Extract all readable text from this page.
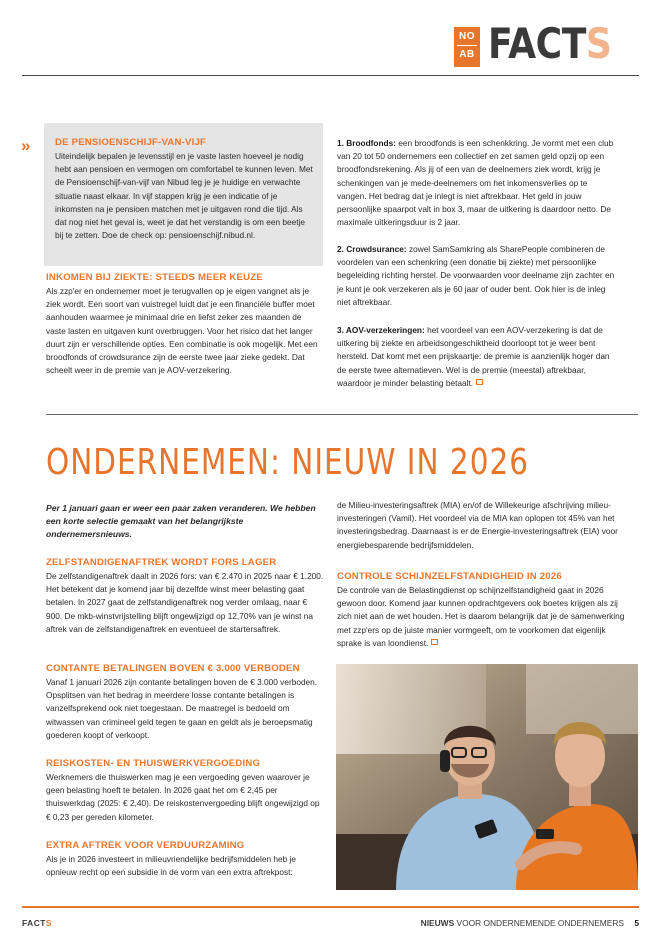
NO
AB FACTS
»	DE PENSIOENSCHIJF-VAN-VIJF
Uiteindelijk bepalen je levensstijl en je vaste lasten hoeveel je nodig hebt aan pensioen en vermogen om comfortabel te kunnen leven. Met de Pensioenschijf-van-vijf van Nibud leg je je huidige en verwachte situatie naast elkaar. In vijf stappen krijg je een indicatie of je inkomsten na je pensioen matchen met je uitgaven rond die tijd. Als dat nog niet het geval is, weet je dat het verstandig is om een beetje bij te zetten. Doe de check op: pensioenschijf.nibud.nl.
INKOMEN BIJ ZIEKTE: STEEDS MEER KEUZE
Als zzp'er en ondernemer moet je terugvallen op je eigen vangnet als je ziek wordt. Een soort van vuistregel luidt dat je een financiële buffer moet aanhouden waarmee je minimaal drie en liefst zeker zes maanden de vaste lasten en uitgaven kunt overbruggen. Voor het risico dat het langer duurt zijn er verschillende opties. Een combinatie is ook mogelijk. Met een broodfonds of crowdsurance zijn de eerste twee jaar zieke gedekt. Dat scheelt weer in de premie van je AOV-verzekering.
1. Broodfonds: een broodfonds is een schenkkring. Je vormt met een club van 20 tot 50 ondernemers een collectief en zet samen geld opzij op een broodfondsrekening. Als jij of een van de deelnemers ziek wordt, krijg je schenkingen van je mede-deelnemers om het inkomensverlies op te vangen. Het bedrag dat je inlegt is niet aftrekbaar. Het geld in jouw persoonlijke spaarpot valt in box 3, maar de uitkering is daardoor netto. De maximale uitkeringsduur is 2 jaar.
2. Crowdsurance: zowel SamSamkring als SharePeople combineren de voordelen van een schenkring (een donatie bij ziekte) met persoonlijke begeleiding richting herstel. De voorwaarden voor deelname zijn zachter en je kunt je ook verzekeren als je 60 jaar of ouder bent. Ook hier is de inleg niet aftrekbaar.
3. AOV-verzekeringen: het voordeel van een AOV-verzekering is dat de uitkering bij ziekte en arbeidsongeschiktheid doorloopt tot je weer bent hersteld. Dat komt met een prijskaartje: de premie is aanzienlijk hoger dan de eerste twee alternatieven. Wel is de premie (meestal) aftrekbaar, waardoor je minder belasting betaalt.
ONDERNEMEN: NIEUW IN 2026
Per 1 januari gaan er weer een paar zaken veranderen. We hebben een korte selectie gemaakt van het belangrijkste ondernemersnieuws.
ZELFSTANDIGENAFTREK WORDT FORS LAGER
De zelfstandigenaftrek daalt in 2026 fors: van € 2.470 in 2025 naar € 1.200. Het betekent dat je komend jaar bij dezelfde winst meer belasting gaat betalen. In 2027 gaat de zelfstandigenaftrek nog verder omlaag, naar € 900. De mkb-winstvrijstelling blijft ongewijzigd op 12,70% van je winst na aftrek van de zelfstandigenaftrek en eventueel de startersaftrek.
CONTANTE BETALINGEN BOVEN € 3.000 VERBODEN
Vanaf 1 januari 2026 zijn contante betalingen boven de € 3.000 verboden. Opsplitsen van het bedrag in meerdere losse contante betalingen is vanzelfsprekend ook niet toegestaan. De maatregel is bedoeld om witwassen van crimineel geld tegen te gaan en geldt als je beroepsmatig goederen koopt of verkoopt.
REISKOSTEN- EN THUISWERKVERGOEDING
Werknemers die thuiswerken mag je een vergoeding geven waarover je geen belasting hoeft te betalen. In 2026 gaat het om € 2,45 per thuiswerkdag (2025: € 2,40). De reiskostenvergoeding blijft ongewijzigd op € 0,23 per gereden kilometer.
EXTRA AFTREK VOOR VERDUURZAMING
Als je in 2026 investeert in milieuvriendelijke bedrijfsmiddelen heb je opnieuw recht op een subsidie in de vorm van een extra aftrekpost:
de Milieu-investeringsaftrek (MIA) en/of de Willekeurige afschrijving milieu-investeringen (Vamil). Het voordeel via de MIA kan oplopen tot 45% van het investeringsbedrag. Daarnaast is er de Energie-investeringsaftrek (EIA) voor energiebesparende bedrijfsmiddelen.
CONTROLE SCHIJNZELFSTANDIGHEID IN 2026
De controle van de Belastingdienst op schijnzelfstandigheid gaat in 2026 gewoon door. Komend jaar kunnen opdrachtgevers ook boetes krijgen als zij zich niet aan de wet houden. Het is daarom belangrijk dat je de samenwerking met zzp'ers op de juiste manier vormgeeft, om te voorkomen dat eigenlijk sprake is van loondienst.
FACTS	NIEUWS VOOR ONDERNEMENDE ONDERNEMERS 5
